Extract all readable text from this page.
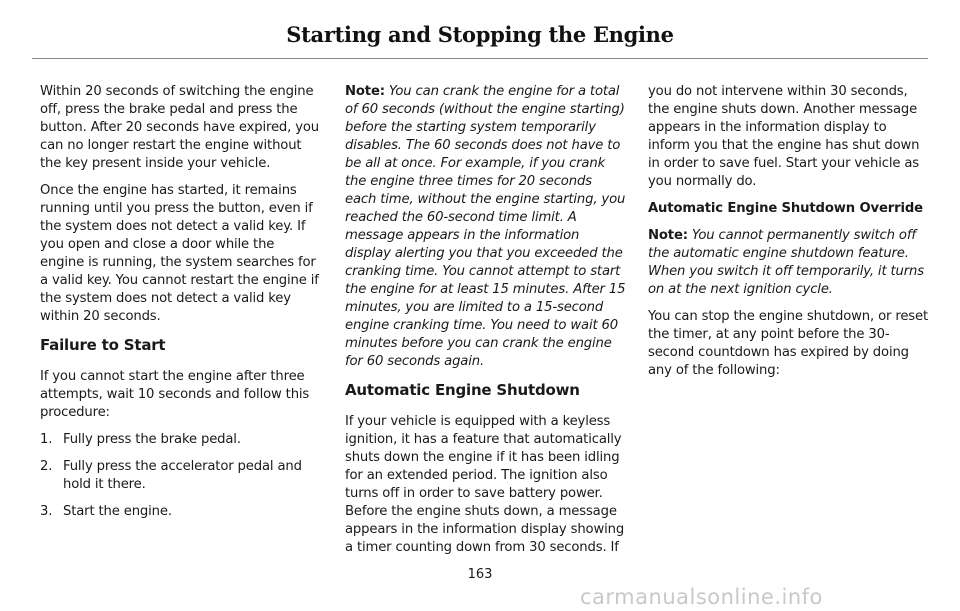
Starting and Stopping the Engine

Within 20 seconds of switching the engine off, press the brake pedal and press the button. After 20 seconds have expired, you can no longer restart the engine without the key present inside your vehicle.

Once the engine has started, it remains running until you press the button, even if the system does not detect a valid key. If you open and close a door while the engine is running, the system searches for a valid key. You cannot restart the engine if the system does not detect a valid key within 20 seconds.

Failure to Start

If you cannot start the engine after three attempts, wait 10 seconds and follow this procedure:

1. Fully press the brake pedal.
2. Fully press the accelerator pedal and hold it there.
3. Start the engine.

Note: You can crank the engine for a total of 60 seconds (without the engine starting) before the starting system temporarily disables. The 60 seconds does not have to be all at once. For example, if you crank the engine three times for 20 seconds each time, without the engine starting, you reached the 60-second time limit. A message appears in the information display alerting you that you exceeded the cranking time. You cannot attempt to start the engine for at least 15 minutes. After 15 minutes, you are limited to a 15-second engine cranking time. You need to wait 60 minutes before you can crank the engine for 60 seconds again.

Automatic Engine Shutdown

If your vehicle is equipped with a keyless ignition, it has a feature that automatically shuts down the engine if it has been idling for an extended period. The ignition also turns off in order to save battery power. Before the engine shuts down, a message appears in the information display showing a timer counting down from 30 seconds. If

you do not intervene within 30 seconds, the engine shuts down. Another message appears in the information display to inform you that the engine has shut down in order to save fuel. Start your vehicle as you normally do.

Automatic Engine Shutdown Override

Note: You cannot permanently switch off the automatic engine shutdown feature. When you switch it off temporarily, it turns on at the next ignition cycle.

You can stop the engine shutdown, or reset the timer, at any point before the 30-second countdown has expired by doing any of the following:

163
carmanualsonline.info
